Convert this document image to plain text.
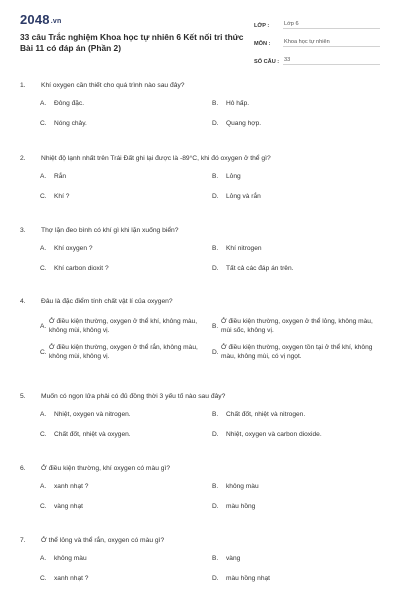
2048.vn
33 câu Trắc nghiệm Khoa học tự nhiên 6 Kết nối tri thức Bài 11 có đáp án (Phần 2)
LỚP :	Lớp 6
MÔN :	Khoa học tự nhiên
SỐ CÂU : 33
1. Khí oxygen cần thiết cho quá trình nào sau đây?
A.	Đông đặc.	B.	Hô hấp.
C.	Nóng chảy.	D.	Quang hợp.
2. Nhiệt độ lạnh nhất trên Trái Đất ghi lại được là -89°C, khi đó oxygen ở thể gì?
A.	Rắn	B.	Lỏng
C.	Khí ?	D.	Lỏng và rắn
3. Thợ lặn đeo bình có khí gì khi lặn xuống biển?
A.	Khí oxygen ?	B.	Khí nitrogen
C.	Khí carbon dioxit ?	D.	Tất cả các đáp án trên.
4. Đâu là đặc điểm tính chất vật lí của oxygen?
A.
Ở điều kiện thường, oxygen ở thể khí, không màu, không mùi, không vị.
B.
Ở điều kiện thường, oxygen ở thể lỏng, không màu, mùi sốc, không vị.
C.
Ở điều kiện thường, oxygen ở thể rắn, không màu, không mùi, không vị.
D.
Ở điều kiện thường, oxygen tồn tại ở thể khí, không màu, không mùi, có vị ngọt.
5. Muốn có ngọn lửa phải có đủ đồng thời 3 yếu tố nào sau đây?
A.	Nhiệt, oxygen và nitrogen.	B.	Chất đốt, nhiệt và nitrogen.
C.	Chất đốt, nhiệt và oxygen.	D.	Nhiệt, oxygen và carbon dioxide.
6. Ở điều kiện thường, khí oxygen có màu gì?
A.	xanh nhạt ?	B.	không màu
C.	vàng nhạt	D.	màu hồng
7. Ở thể lỏng và thể rắn, oxygen có màu gì?
A.	không màu	B.	vàng
C.	xanh nhạt ?	D.	màu hồng nhạt
